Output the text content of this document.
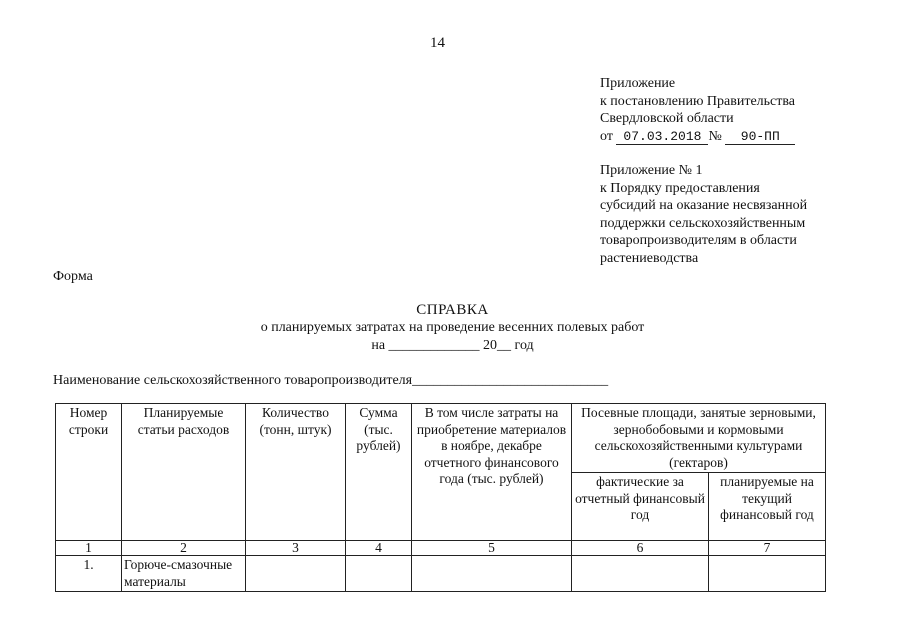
14
Приложение
к постановлению Правительства
Свердловской области
от 07.03.2018 № 90-ПП
Приложение № 1
к Порядку предоставления
субсидий на оказание несвязанной
поддержки сельскохозяйственным
товаропроизводителям в области
растениеводства
Форма
СПРАВКА
о планируемых затратах на проведение весенних полевых работ
на _____________ 20__ год
Наименование сельскохозяйственного товаропроизводителя____________________________
Номер строки	Планируемые статьи расходов	Количество (тонн, штук)	Сумма (тыс. рублей)	В том числе затраты на приобретение материалов в ноябре, декабре отчетного финансового года (тыс. рублей)	Посевные площади, занятые зерновыми, зернобобовыми и кормовыми сельскохозяйственными культурами (гектаров)	
					фактические за отчетный финансовый год	планируемые на текущий финансовый год
1	2	3	4	5	6	7
1.	Горюче-смазочные материалы					
